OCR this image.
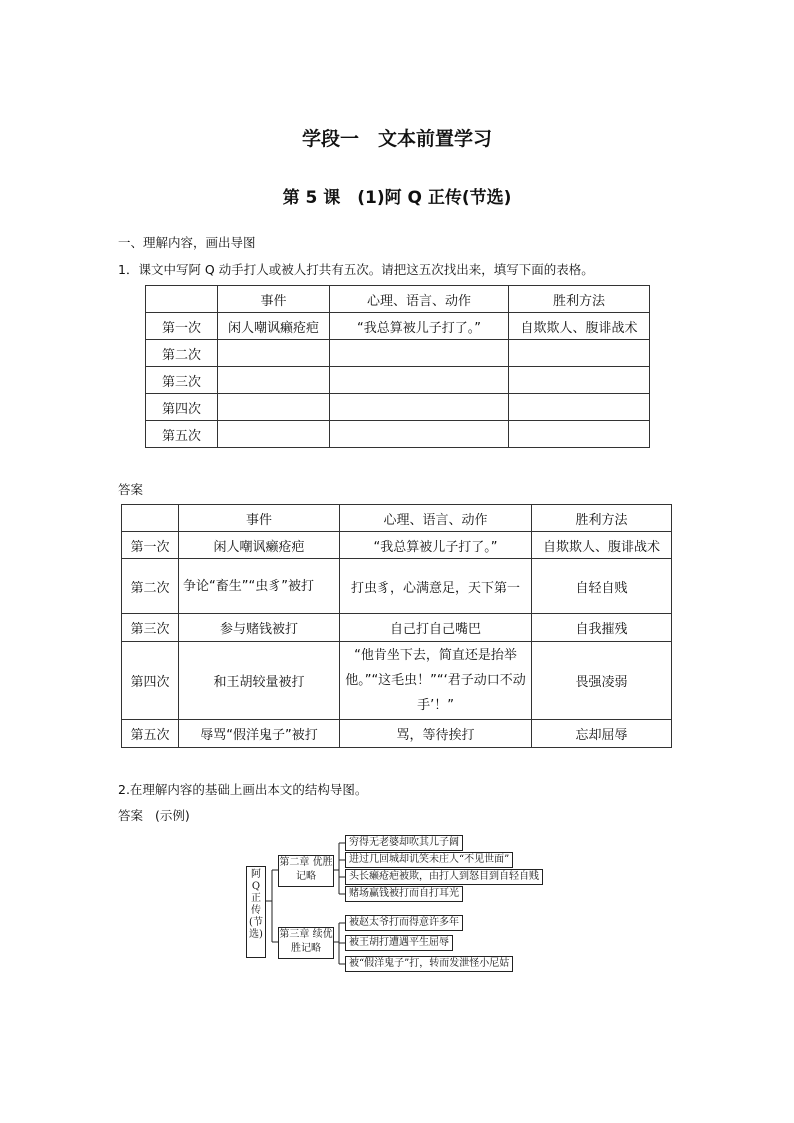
学段一　文本前置学习
第 5 课　(1)阿 Q 正传(节选)
一、理解内容，画出导图
1．课文中写阿 Q 动手打人或被人打共有五次。请把这五次找出来，填写下面的表格。
	事件	心理、语言、动作	胜利方法
第一次	闲人嘲讽癞疮疤	“我总算被儿子打了。”	自欺欺人、腹诽战术
第二次			
第三次			
第四次			
第五次			
答案
	事件	心理、语言、动作	胜利方法
第一次	闲人嘲讽癞疮疤	“我总算被儿子打了。”	自欺欺人、腹诽战术
第二次	争论“畜生”“虫豸”被打	打虫豸，心满意足，天下第一	自轻自贱
第三次	参与赌钱被打	自己打自己嘴巴	自我摧残
第四次	和王胡较量被打	“他肯坐下去，简直还是抬举他。”“这毛虫！”“‘君子动口不动手’！”	畏强凌弱
第五次	辱骂“假洋鬼子”被打	骂，等待挨打	忘却屈辱
2.在理解内容的基础上画出本文的结构导图。
答案 (示例)
阿Q正传(节选)
第二章 优胜记略
第三章 续优胜记略
穷得无老婆却吹其儿子阔
进过几回城却讥笑未庄人“不见世面”
头长癞疮疤被欺，由打人到怒目到自轻自贱
赌场赢钱被打而自打耳光
被赵太爷打而得意许多年
被王胡打遭遇平生屈辱
被“假洋鬼子”打，转而发泄怪小尼姑
